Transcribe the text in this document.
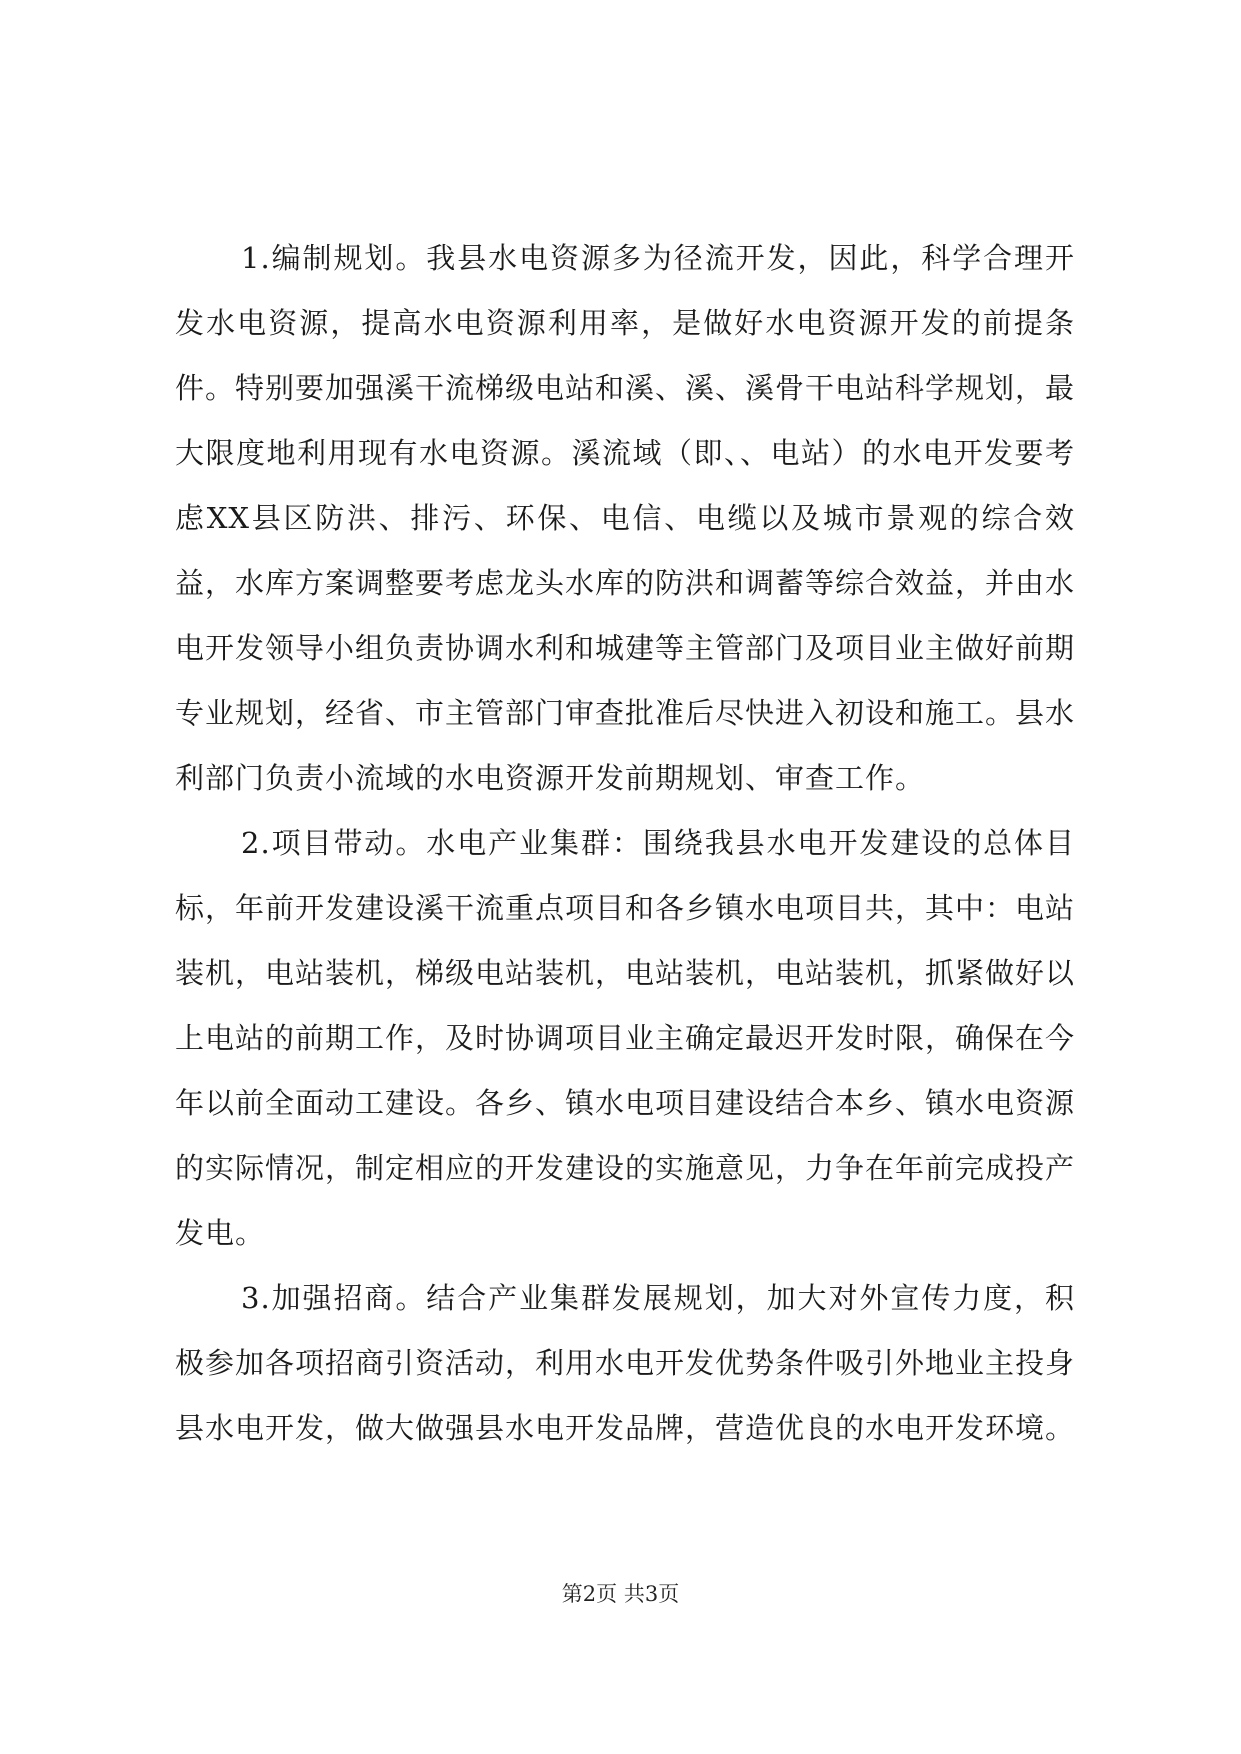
1.编制规划。我县水电资源多为径流开发，因此，科学合理开发水电资源，提高水电资源利用率，是做好水电资源开发的前提条件。特别要加强溪干流梯级电站和溪、溪、溪骨干电站科学规划，最大限度地利用现有水电资源。溪流域（即、、电站）的水电开发要考虑XX县区防洪、排污、环保、电信、电缆以及城市景观的综合效益，水库方案调整要考虑龙头水库的防洪和调蓄等综合效益，并由水电开发领导小组负责协调水利和城建等主管部门及项目业主做好前期专业规划，经省、市主管部门审查批准后尽快进入初设和施工。县水利部门负责小流域的水电资源开发前期规划、审查工作。

2.项目带动。水电产业集群：围绕我县水电开发建设的总体目标，年前开发建设溪干流重点项目和各乡镇水电项目共，其中：电站装机，电站装机，梯级电站装机，电站装机，电站装机，抓紧做好以上电站的前期工作，及时协调项目业主确定最迟开发时限，确保在今年以前全面动工建设。各乡、镇水电项目建设结合本乡、镇水电资源的实际情况，制定相应的开发建设的实施意见，力争在年前完成投产发电。

3.加强招商。结合产业集群发展规划，加大对外宣传力度，积极参加各项招商引资活动，利用水电开发优势条件吸引外地业主投身县水电开发，做大做强县水电开发品牌，营造优良的水电开发环境。

第2页 共3页
